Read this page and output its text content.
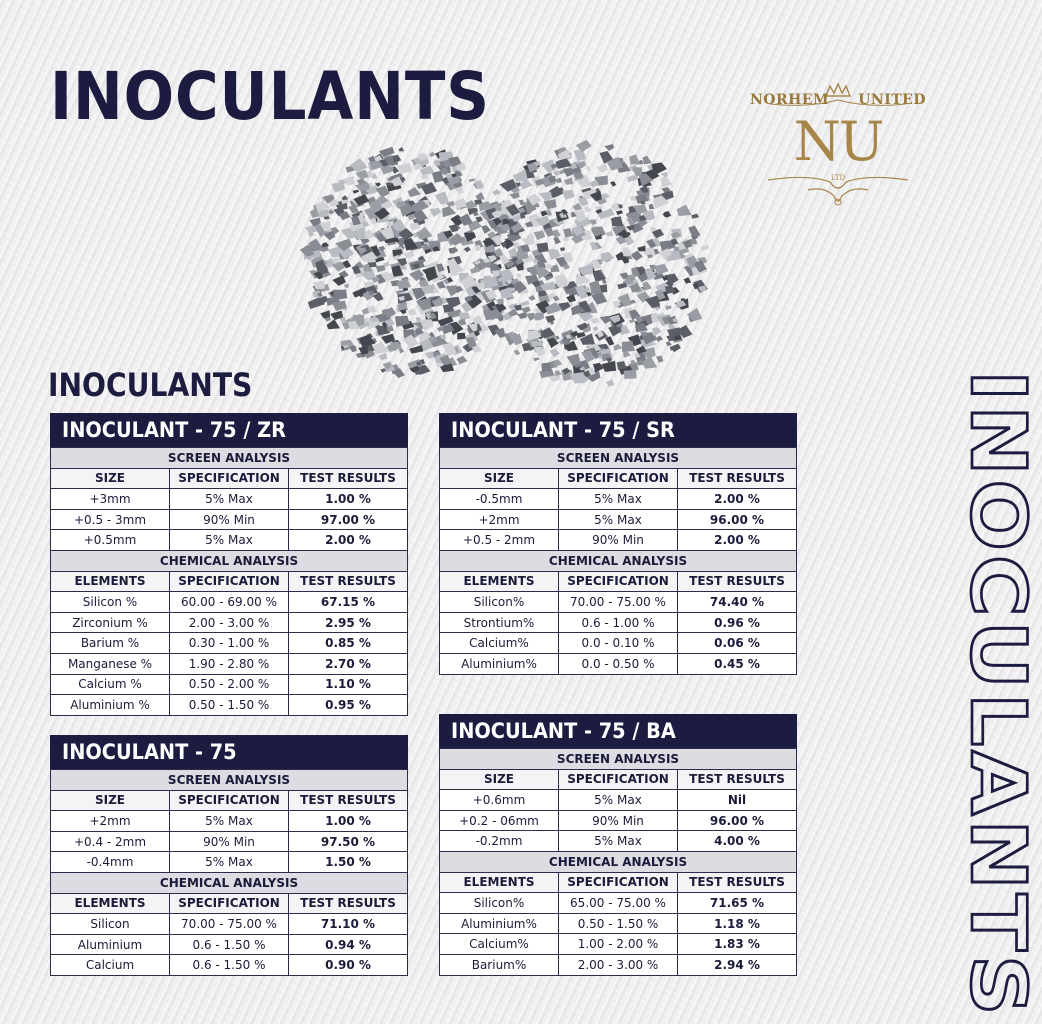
INOCULANTS	NORHEM UNITED
NU
LTD
INOCULANTS	INOCULANTS
INOCULANT - 75 / ZR
SCREEN ANALYSIS		
SIZE	SPECIFICATION	TEST RESULTS
+3mm	5% Max	1.00 %
+0.5 - 3mm	90% Min	97.00 %
+0.5mm	5% Max	2.00 %
CHEMICAL ANALYSIS		
ELEMENTS	SPECIFICATION	TEST RESULTS
Silicon %	60.00 - 69.00 %	67.15 %
Zirconium %	2.00 - 3.00 %	2.95 %
Barium %	0.30 - 1.00 %	0.85 %
Manganese %	1.90 - 2.80 %	2.70 %
Calcium %	0.50 - 2.00 %	1.10 %
Aluminium %	0.50 - 1.50 %	0.95 %
INOCULANT - 75 / SR
SCREEN ANALYSIS		
SIZE	SPECIFICATION	TEST RESULTS
-0.5mm	5% Max	2.00 %
+2mm	5% Max	96.00 %
+0.5 - 2mm	90% Min	2.00 %
CHEMICAL ANALYSIS		
ELEMENTS	SPECIFICATION	TEST RESULTS
Silicon%	70.00 - 75.00 %	74.40 %
Strontium%	0.6 - 1.00 %	0.96 %
Calcium%	0.0 - 0.10 %	0.06 %
Aluminium%	0.0 - 0.50 %	0.45 %
INOCULANT - 75
SCREEN ANALYSIS		
SIZE	SPECIFICATION	TEST RESULTS
+2mm	5% Max	1.00 %
+0.4 - 2mm	90% Min	97.50 %
-0.4mm	5% Max	1.50 %
CHEMICAL ANALYSIS		
ELEMENTS	SPECIFICATION	TEST RESULTS
Silicon	70.00 - 75.00 %	71.10 %
Aluminium	0.6 - 1.50 %	0.94 %
Calcium	0.6 - 1.50 %	0.90 %
INOCULANT - 75 / BA
SCREEN ANALYSIS		
SIZE	SPECIFICATION	TEST RESULTS
+0.6mm	5% Max	Nil
+0.2 - 06mm	90% Min	96.00 %
-0.2mm	5% Max	4.00 %
CHEMICAL ANALYSIS		
ELEMENTS	SPECIFICATION	TEST RESULTS
Silicon%	65.00 - 75.00 %	71.65 %
Aluminium%	0.50 - 1.50 %	1.18 %
Calcium%	1.00 - 2.00 %	1.83 %
Barium%	2.00 - 3.00 %	2.94 %
